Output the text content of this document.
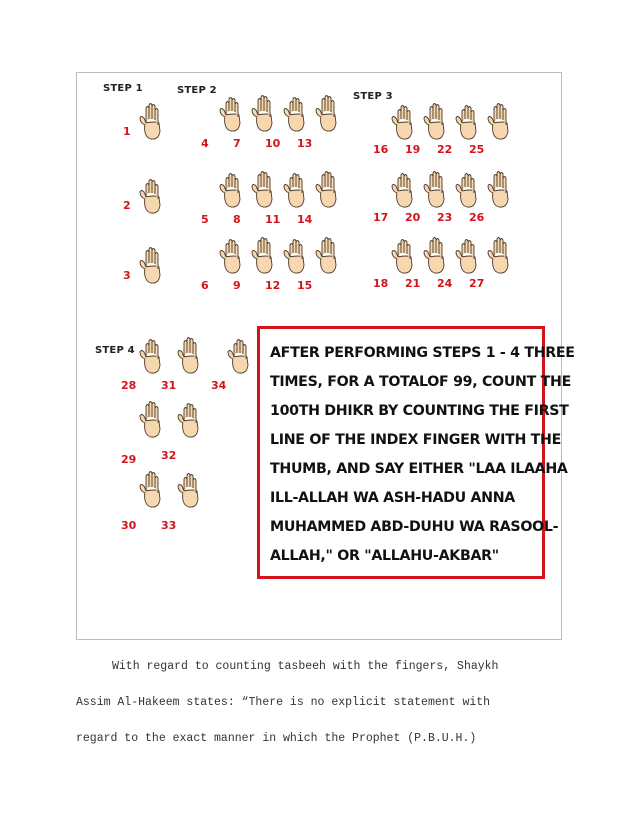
STEP 1	STEP 2
STEP 3
STEP 4
1
2
3
4 7 10 13
5 8 11 14
6 9 12 15
16 19 22 25
17 20 23 26
18 21 24 27
28 31	34
29 32
30 33
AFTER PERFORMING STEPS 1 - 4 THREE
TIMES, FOR A TOTALOF 99, COUNT THE
100TH DHIKR BY COUNTING THE FIRST
LINE OF THE INDEX FINGER WITH THE
THUMB, AND SAY EITHER "LAA ILAAHA
ILL-ALLAH WA ASH-HADU ANNA
MUHAMMED ABD-DUHU WA RASOOL-
ALLAH," OR "ALLAHU-AKBAR"
With regard to counting tasbeeh with the fingers, Shaykh
Assim Al-Hakeem states: “There is no explicit statement with
regard to the exact manner in which the Prophet (P.B.U.H.)
